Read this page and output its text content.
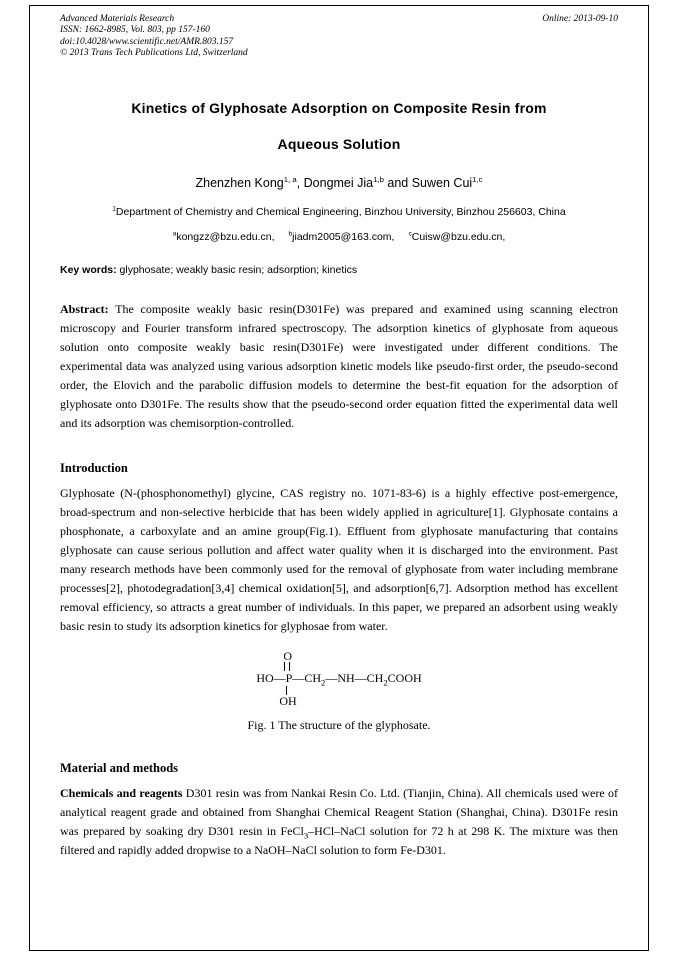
Advanced Materials Research
ISSN: 1662-8985, Vol. 803, pp 157-160
doi:10.4028/www.scientific.net/AMR.803.157
© 2013 Trans Tech Publications Ltd, Switzerland
Online: 2013-09-10
Kinetics of Glyphosate Adsorption on Composite Resin from
Aqueous Solution
Zhenzhen Kong$^{1, a}$, Dongmei Jia$^{1,b}$ and Suwen Cui$^{1,c}$
$^1$Department of Chemistry and Chemical Engineering, Binzhou University, Binzhou 256603, China
$^a$kongzz@bzu.edu.cn, $^b$jiadm2005@163.com, $^c$Cuisw@bzu.edu.cn,
Key words: glyphosate; weakly basic resin; adsorption; kinetics

Abstract: The composite weakly basic resin(D301Fe) was prepared and examined using scanning electron microscopy and Fourier transform infrared spectroscopy. The adsorption kinetics of glyphosate from aqueous solution onto composite weakly basic resin(D301Fe) were investigated under different conditions. The experimental data was analyzed using various adsorption kinetic models like pseudo-first order, the pseudo-second order, the Elovich and the parabolic diffusion models to determine the best-fit equation for the adsorption of glyphosate onto D301Fe. The results show that the pseudo-second order equation fitted the experimental data well and its adsorption was chemisorption-controlled.

Introduction

Glyphosate (N-(phosphonomethyl) glycine, CAS registry no. 1071-83-6) is a highly effective post-emergence, broad-spectrum and non-selective herbicide that has been widely applied in agriculture[1]. Glyphosate contains a phosphonate, a carboxylate and an amine group(Fig.1). Effluent from glyphosate manufacturing that contains glyphosate can cause serious pollution and affect water quality when it is discharged into the environment. Past many research methods have been commonly used for the removal of glyphosate from water including membrane processes[2], photodegradation[3,4] chemical oxidation[5], and adsorption[6,7]. Adsorption method has excellent removal efficiency, so attracts a great number of individuals. In this paper, we prepared an adsorbent using weakly basic resin to study its adsorption kinetics for glyphosae from water.

O
$HO—P—CH_2—NH—CH_2COOH$
OH
Fig. 1 The structure of the glyphosate.
Material and methods

Chemicals and reagents D301 resin was from Nankai Resin Co. Ltd. (Tianjin, China). All chemicals used were of analytical reagent grade and obtained from Shanghai Chemical Reagent Station (Shanghai, China). D301Fe resin was prepared by soaking dry D301 resin in FeCl$_3$–HCl–NaCl solution for 72 h at 298 K. The mixture was then filtered and rapidly added dropwise to a NaOH–NaCl solution to form Fe-D301.
